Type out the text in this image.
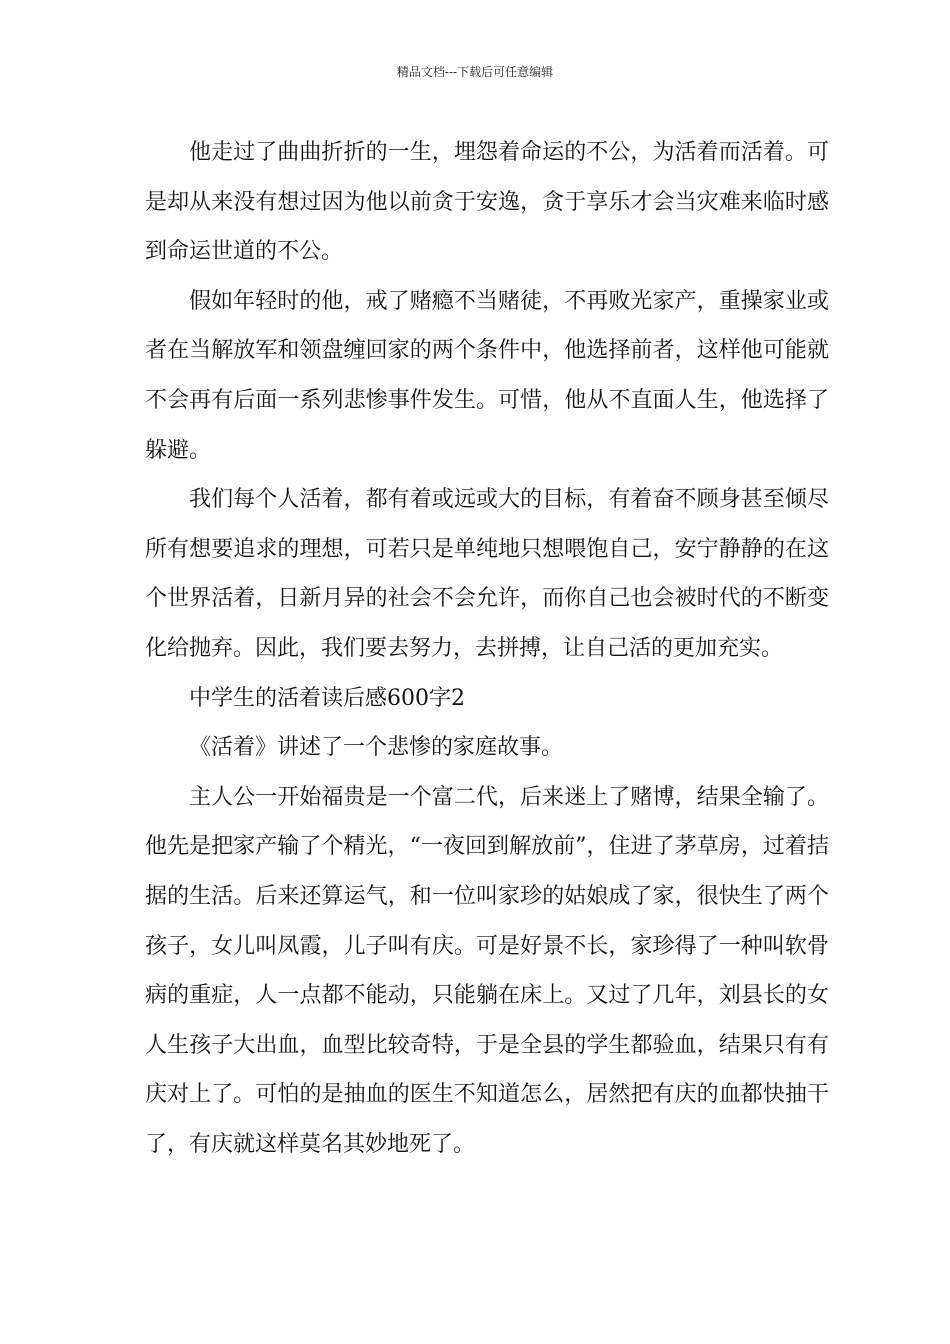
精品文档---下载后可任意编辑

他走过了曲曲折折的一生，埋怨着命运的不公，为活着而活着。可是却从来没有想过因为他以前贪于安逸，贪于享乐才会当灾难来临时感到命运世道的不公。

假如年轻时的他，戒了赌瘾不当赌徒，不再败光家产，重操家业或者在当解放军和领盘缠回家的两个条件中，他选择前者，这样他可能就不会再有后面一系列悲惨事件发生。可惜，他从不直面人生，他选择了躲避。

我们每个人活着，都有着或远或大的目标，有着奋不顾身甚至倾尽所有想要追求的理想，可若只是单纯地只想喂饱自己，安宁静静的在这个世界活着，日新月异的社会不会允许，而你自己也会被时代的不断变化给抛弃。因此，我们要去努力，去拼搏，让自己活的更加充实。

中学生的活着读后感600字2

《活着》讲述了一个悲惨的家庭故事。

主人公一开始福贵是一个富二代，后来迷上了赌博，结果全输了。他先是把家产输了个精光，“一夜回到解放前”，住进了茅草房，过着拮据的生活。后来还算运气，和一位叫家珍的姑娘成了家，很快生了两个孩子，女儿叫凤霞，儿子叫有庆。可是好景不长，家珍得了一种叫软骨病的重症，人一点都不能动，只能躺在床上。又过了几年，刘县长的女人生孩子大出血，血型比较奇特，于是全县的学生都验血，结果只有有庆对上了。可怕的是抽血的医生不知道怎么，居然把有庆的血都快抽干了，有庆就这样莫名其妙地死了。
